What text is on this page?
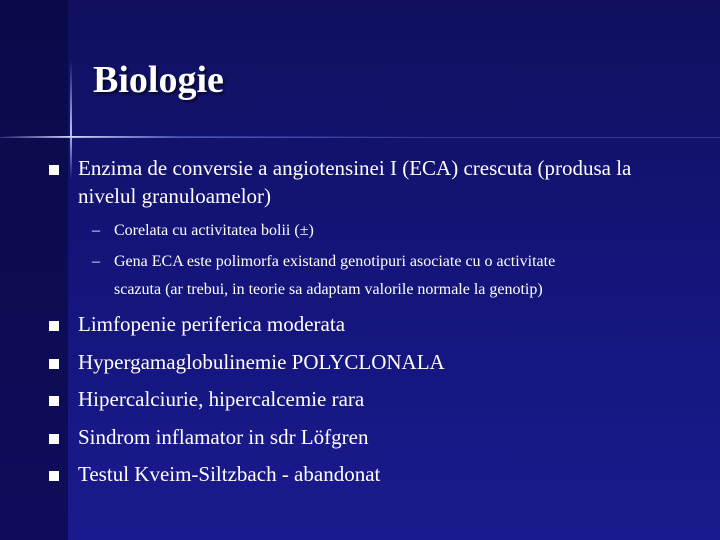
Biologie

Enzima de conversie a angiotensinei I (ECA) crescuta (produsa la

nivelul granuloamelor)

– Corelata cu activitatea bolii (±)

– Gena ECA este polimorfa existand genotipuri asociate cu o activitate

scazuta (ar trebui, in teorie sa adaptam valorile normale la genotip)

Limfopenie periferica moderata

Hypergamaglobulinemie POLYCLONALA

Hipercalciurie, hipercalcemie rara

Sindrom inflamator in sdr Löfgren

Testul Kveim-Siltzbach - abandonat
